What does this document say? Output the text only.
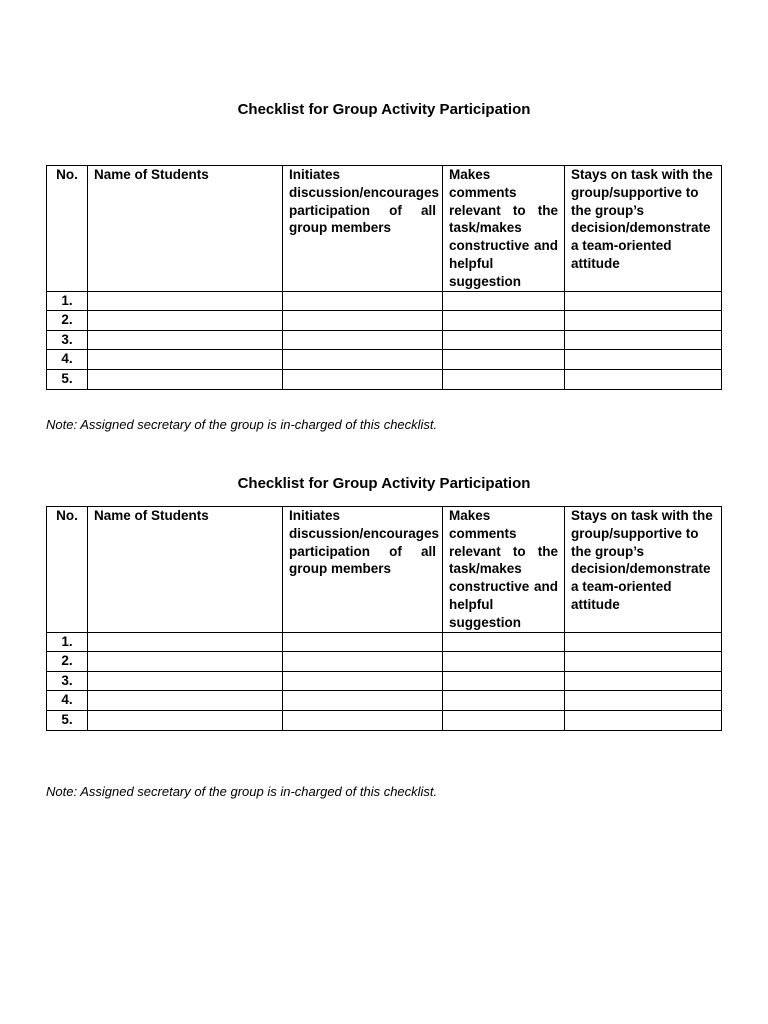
Checklist for Group Activity Participation
No.	Name of Students	Initiates discussion/encourages participation of all group members	Makes comments relevant to the task/makes constructive and helpful suggestion	Stays on task with the group/supportive to the group’s decision/demonstrate a team-oriented attitude
1.				
2.				
3.				
4.				
5.				
Note: Assigned secretary of the group is in-charged of this checklist.
Checklist for Group Activity Participation
No.	Name of Students	Initiates discussion/encourages participation of all group members	Makes comments relevant to the task/makes constructive and helpful suggestion	Stays on task with the group/supportive to the group’s decision/demonstrate a team-oriented attitude
1.				
2.				
3.				
4.				
5.				
Note: Assigned secretary of the group is in-charged of this checklist.
